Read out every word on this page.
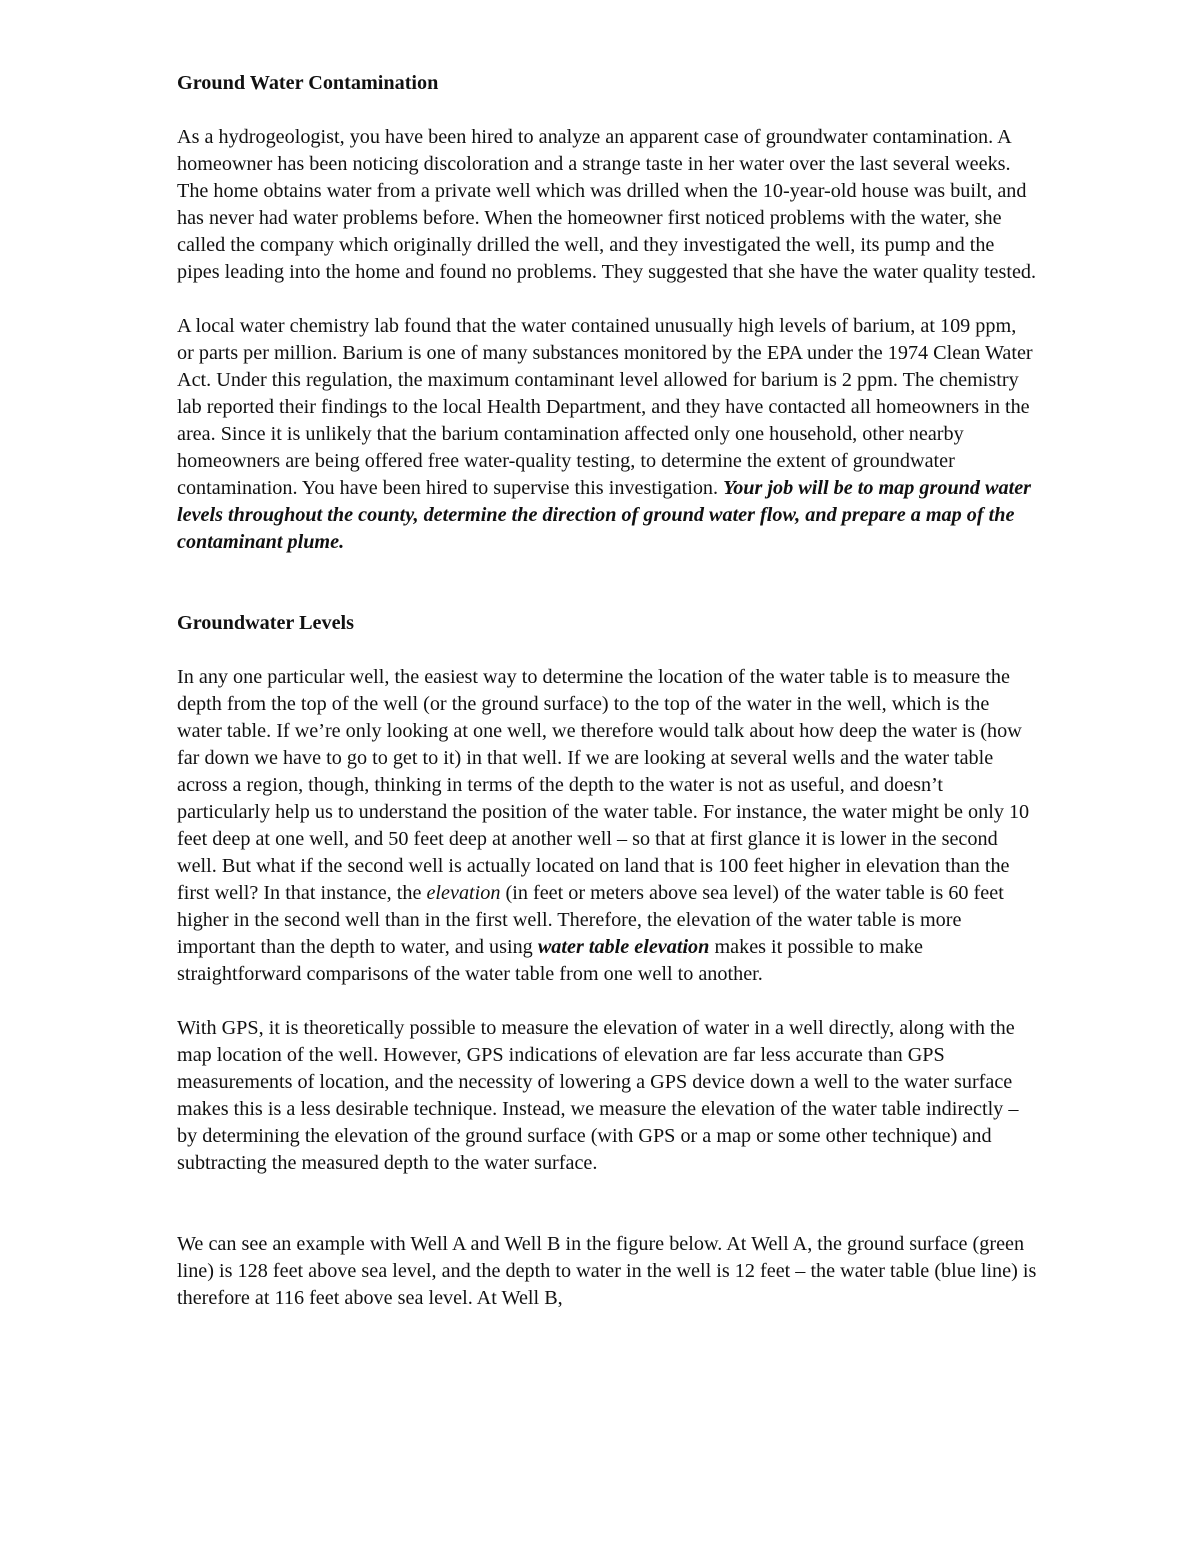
Ground Water Contamination

As a hydrogeologist, you have been hired to analyze an apparent case of groundwater contamination. A homeowner has been noticing discoloration and a strange taste in her water over the last several weeks. The home obtains water from a private well which was drilled when the 10-year-old house was built, and has never had water problems before. When the homeowner first noticed problems with the water, she called the company which originally drilled the well, and they investigated the well, its pump and the pipes leading into the home and found no problems. They suggested that she have the water quality tested.

A local water chemistry lab found that the water contained unusually high levels of barium, at 109 ppm, or parts per million. Barium is one of many substances monitored by the EPA under the 1974 Clean Water Act. Under this regulation, the maximum contaminant level allowed for barium is 2 ppm. The chemistry lab reported their findings to the local Health Department, and they have contacted all homeowners in the area. Since it is unlikely that the barium contamination affected only one household, other nearby homeowners are being offered free water-quality testing, to determine the extent of groundwater contamination. You have been hired to supervise this investigation. Your job will be to map ground water levels throughout the county, determine the direction of ground water flow, and prepare a map of the contaminant plume.

Groundwater Levels

In any one particular well, the easiest way to determine the location of the water table is to measure the depth from the top of the well (or the ground surface) to the top of the water in the well, which is the water table. If we’re only looking at one well, we therefore would talk about how deep the water is (how far down we have to go to get to it) in that well. If we are looking at several wells and the water table across a region, though, thinking in terms of the depth to the water is not as useful, and doesn’t particularly help us to understand the position of the water table. For instance, the water might be only 10 feet deep at one well, and 50 feet deep at another well – so that at first glance it is lower in the second well. But what if the second well is actually located on land that is 100 feet higher in elevation than the first well? In that instance, the elevation (in feet or meters above sea level) of the water table is 60 feet higher in the second well than in the first well. Therefore, the elevation of the water table is more important than the depth to water, and using water table elevation makes it possible to make straightforward comparisons of the water table from one well to another.

With GPS, it is theoretically possible to measure the elevation of water in a well directly, along with the map location of the well. However, GPS indications of elevation are far less accurate than GPS measurements of location, and the necessity of lowering a GPS device down a well to the water surface makes this is a less desirable technique. Instead, we measure the elevation of the water table indirectly – by determining the elevation of the ground surface (with GPS or a map or some other technique) and subtracting the measured depth to the water surface.

We can see an example with Well A and Well B in the figure below. At Well A, the ground surface (green line) is 128 feet above sea level, and the depth to water in the well is 12 feet – the water table (blue line) is therefore at 116 feet above sea level. At Well B,
